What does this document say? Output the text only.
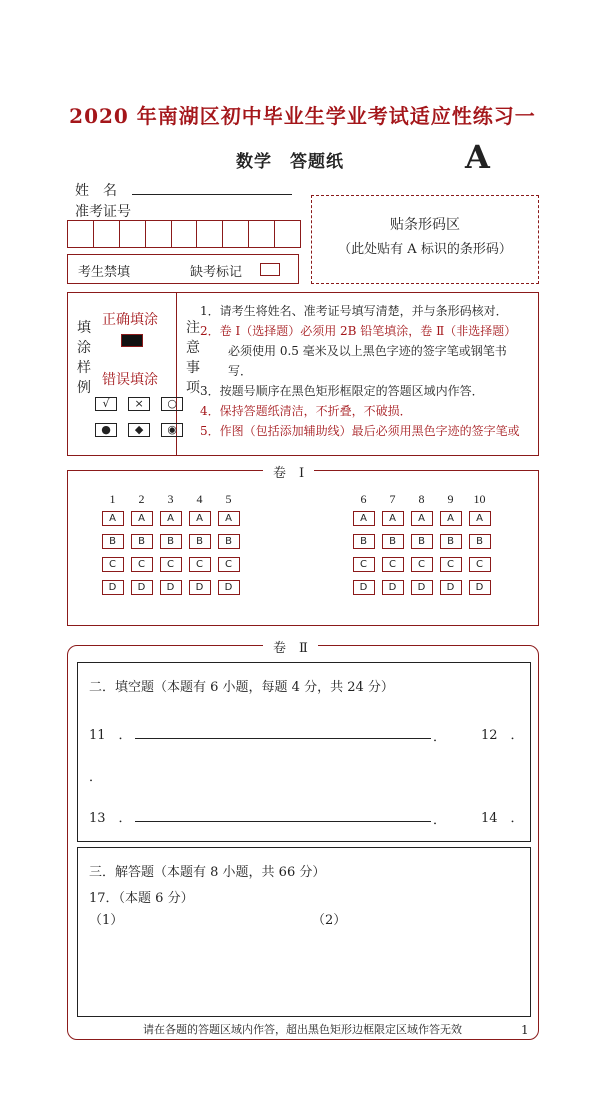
2020 年南湖区初中毕业生学业考试适应性练习一
数学　答题纸	A
姓　名
准考证号
考生禁填	缺考标记
贴条形码区
（此处贴有 A 标识的条形码）
填
涂
样
例
正确填涂
错误填涂
√ × ○
● ◆ ◉
注
意
事
项

1．请考生将姓名、准考证号填写清楚，并与条形码核对．

2．卷 Ⅰ（选择题）必须用 2B 铅笔填涂，卷 Ⅱ（非选择题）

必须使用 0.5 毫米及以上黑色字迹的签字笔或钢笔书

写．

3．按题号顺序在黑色矩形框限定的答题区域内作答．

4．保持答题纸清洁，不折叠，不破损．

5．作图（包括添加辅助线）最后必须用黑色字迹的签字笔或

卷　Ⅰ
1	2	3	4	5
A	A	A	A	A
B	B	B	B	B
C	C	C	C	C
D	D	D	D	D
6	7	8	9	10
A	A	A	A	A
B	B	B	B	B
C	C	C	C	C
D	D	D	D	D
卷　Ⅱ
二．填空题（本题有 6 小题，每题 4 分，共 24 分）
11　．	．	12　．
．
13　．	．	14　．
三．解答题（本题有 8 小题，共 66 分）
17．（本题 6 分）
（1）	（2）
请在各题的答题区域内作答，超出黑色矩形边框限定区域作答无效	1
